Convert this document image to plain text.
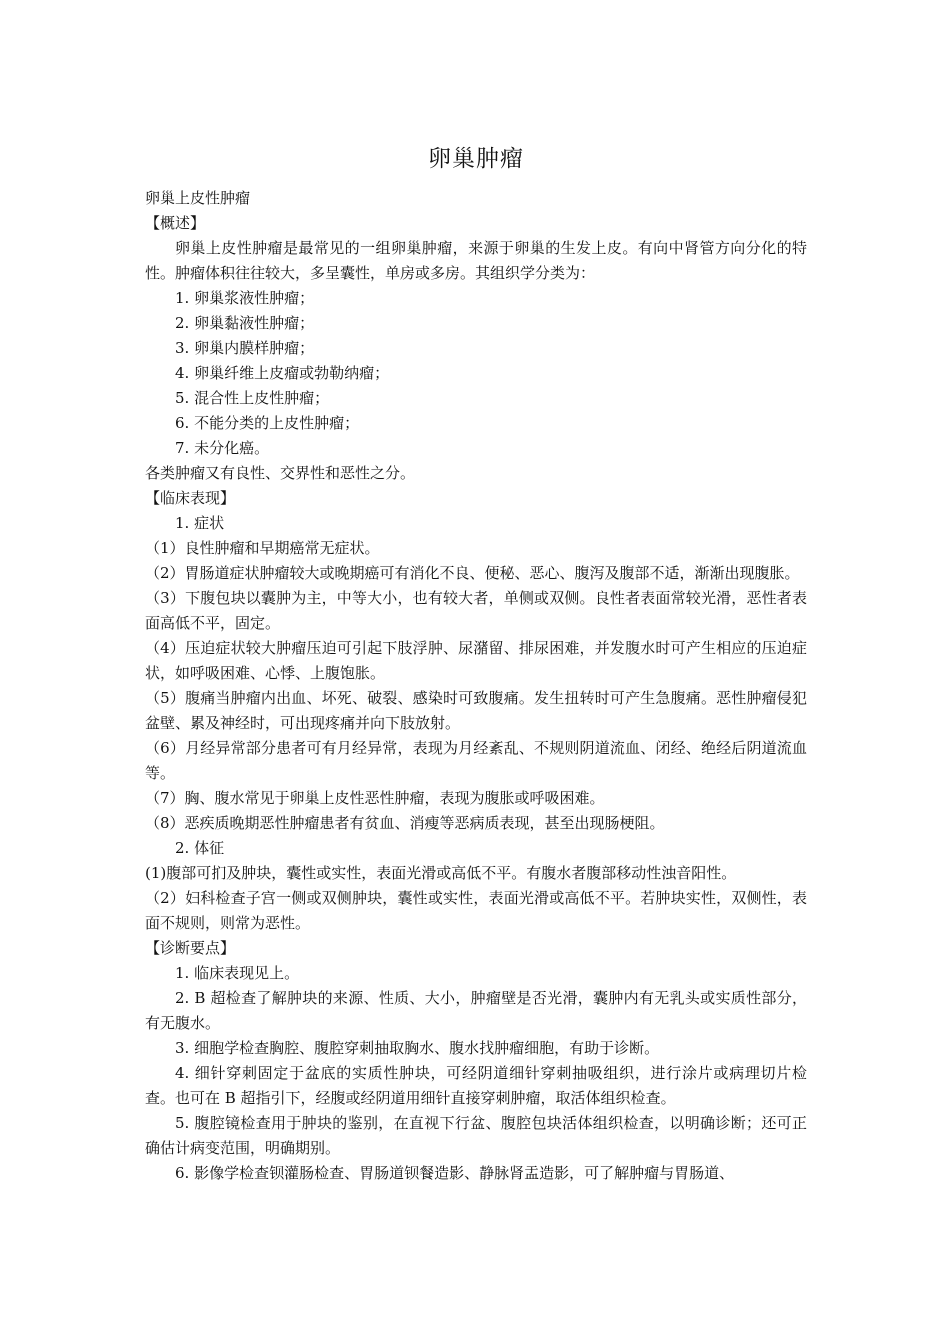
卵巢肿瘤
卵巢上皮性肿瘤
【概述】
卵巢上皮性肿瘤是最常见的一组卵巢肿瘤，来源于卵巢的生发上皮。有向中肾管方向分化的特性。肿瘤体积往往较大，多呈囊性，单房或多房。其组织学分类为：
1. 卵巢浆液性肿瘤；
2. 卵巢黏液性肿瘤；
3. 卵巢内膜样肿瘤；
4. 卵巢纤维上皮瘤或勃勒纳瘤；
5. 混合性上皮性肿瘤；
6. 不能分类的上皮性肿瘤；
7. 未分化癌。
各类肿瘤又有良性、交界性和恶性之分。
【临床表现】
1. 症状
（1）良性肿瘤和早期癌常无症状。
（2）胃肠道症状肿瘤较大或晚期癌可有消化不良、便秘、恶心、腹泻及腹部不适，渐渐出现腹胀。
（3）下腹包块以囊肿为主，中等大小，也有较大者，单侧或双侧。良性者表面常较光滑，恶性者表面高低不平，固定。
（4）压迫症状较大肿瘤压迫可引起下肢浮肿、尿潴留、排尿困难，并发腹水时可产生相应的压迫症状，如呼吸困难、心悸、上腹饱胀。
（5）腹痛当肿瘤内出血、坏死、破裂、感染时可致腹痛。发生扭转时可产生急腹痛。恶性肿瘤侵犯盆壁、累及神经时，可出现疼痛并向下肢放射。
（6）月经异常部分患者可有月经异常，表现为月经紊乱、不规则阴道流血、闭经、绝经后阴道流血等。
（7）胸、腹水常见于卵巢上皮性恶性肿瘤，表现为腹胀或呼吸困难。
（8）恶疾质晚期恶性肿瘤患者有贫血、消瘦等恶病质表现，甚至出现肠梗阻。
2. 体征
(1)腹部可扪及肿块，囊性或实性，表面光滑或高低不平。有腹水者腹部移动性浊音阳性。
（2）妇科检查子宫一侧或双侧肿块，囊性或实性，表面光滑或高低不平。若肿块实性，双侧性，表面不规则，则常为恶性。
【诊断要点】
1. 临床表现见上。
2. B 超检查了解肿块的来源、性质、大小，肿瘤壁是否光滑，囊肿内有无乳头或实质性部分，有无腹水。
3. 细胞学检查胸腔、腹腔穿刺抽取胸水、腹水找肿瘤细胞，有助于诊断。
4. 细针穿刺固定于盆底的实质性肿块，可经阴道细针穿刺抽吸组织，进行涂片或病理切片检查。也可在 B 超指引下，经腹或经阴道用细针直接穿刺肿瘤，取活体组织检查。
5. 腹腔镜检查用于肿块的鉴别，在直视下行盆、腹腔包块活体组织检查，以明确诊断；还可正确估计病变范围，明确期别。
6. 影像学检查钡灌肠检查、胃肠道钡餐造影、静脉肾盂造影，可了解肿瘤与胃肠道、
